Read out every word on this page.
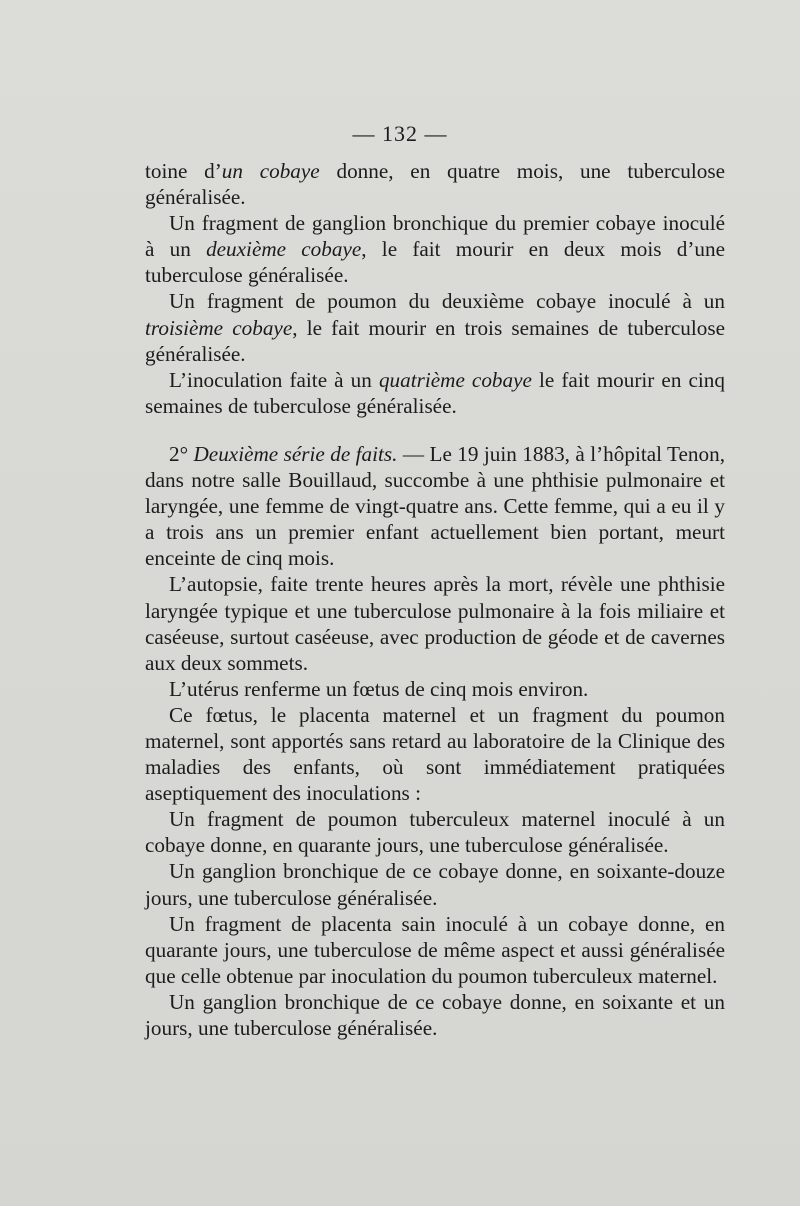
— 132 —

toine d’un cobaye donne, en quatre mois, une tuberculose généralisée.

Un fragment de ganglion bronchique du premier cobaye inoculé à un deuxième cobaye, le fait mourir en deux mois d’une tuberculose généralisée.

Un fragment de poumon du deuxième cobaye inoculé à un troisième cobaye, le fait mourir en trois semaines de tuberculose généralisée.

L’inoculation faite à un quatrième cobaye le fait mourir en cinq semaines de tuberculose généralisée.

2° Deuxième série de faits. — Le 19 juin 1883, à l’hôpital Tenon, dans notre salle Bouillaud, succombe à une phthisie pulmonaire et laryngée, une femme de vingt-quatre ans. Cette femme, qui a eu il y a trois ans un premier enfant actuellement bien portant, meurt enceinte de cinq mois.

L’autopsie, faite trente heures après la mort, révèle une phthisie laryngée typique et une tuberculose pulmonaire à la fois miliaire et caséeuse, surtout caséeuse, avec production de géode et de cavernes aux deux sommets.

L’utérus renferme un fœtus de cinq mois environ.

Ce fœtus, le placenta maternel et un fragment du poumon maternel, sont apportés sans retard au laboratoire de la Clinique des maladies des enfants, où sont immédiatement pratiquées aseptiquement des inoculations :

Un fragment de poumon tuberculeux maternel inoculé à un cobaye donne, en quarante jours, une tuberculose généralisée.

Un ganglion bronchique de ce cobaye donne, en soixante-douze jours, une tuberculose généralisée.

Un fragment de placenta sain inoculé à un cobaye donne, en quarante jours, une tuberculose de même aspect et aussi généralisée que celle obtenue par inoculation du poumon tuberculeux maternel.

Un ganglion bronchique de ce cobaye donne, en soixante et un jours, une tuberculose généralisée.
